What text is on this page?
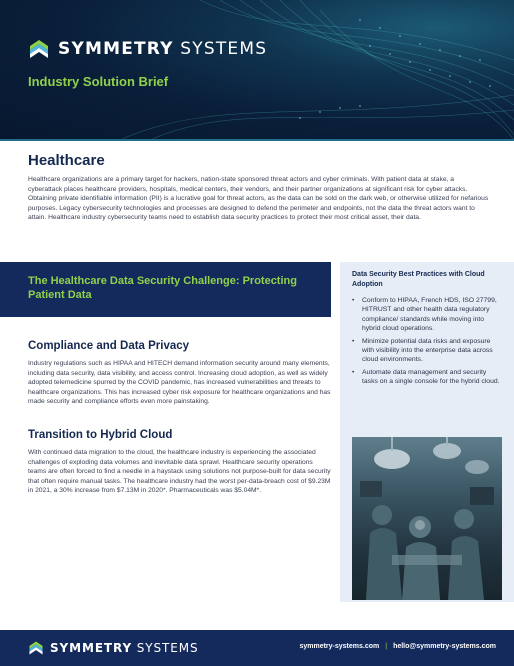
SYMMETRY SYSTEMS
Industry Solution Brief
Healthcare

Healthcare organizations are a primary target for hackers, nation-state sponsored threat actors and cyber criminals. With patient data at stake, a cyberattack places healthcare providers, hospitals, medical centers, their vendors, and their partner organizations at significant risk for cyber attacks. Obtaining private identifiable information (PII) is a lucrative goal for threat actors, as the data can be sold on the dark web, or otherwise utilized for nefarious purposes. Legacy cybersecurity technologies and processes are designed to defend the perimeter and endpoints, not the data the threat actors want to attain. Healthcare industry cybersecurity teams need to establish data security practices to protect their most critical asset, their data.

The Healthcare Data Security Challenge: Protecting Patient Data
Data Security Best Practices with Cloud Adoption
• Conform to HIPAA, French HDS, ISO 27799, HITRUST and other health data regulatory compliance/ standards while moving into hybrid cloud operations.
• Minimize potential data risks and exposure with visibility into the enterprise data across cloud environments.
• Automate data management and security tasks on a single console for the hybrid cloud.
Compliance and Data Privacy

Industry regulations such as HIPAA and HITECH demand information security around many elements, including data security, data visibility, and access control. Increasing cloud adoption, as well as widely adopted telemedicine spurred by the COVID pandemic, has increased vulnerabilities and threats to healthcare organizations. This has increased cyber risk exposure for healthcare organizations and has made security and compliance efforts even more painstaking.

Transition to Hybrid Cloud

With continued data migration to the cloud, the healthcare industry is experiencing the associated challenges of exploding data volumes and inevitable data sprawl. Healthcare security operations teams are often forced to find a needle in a haystack using solutions not purpose-built for data security that often require manual tasks. The healthcare industry had the worst per-data-breach cost of $9.23M in 2021, a 30% increase from $7.13M in 2020*. Pharmaceuticals was $5.04M*.

SYMMETRY SYSTEMS	symmetry-systems.com | hello@symmetry-systems.com
